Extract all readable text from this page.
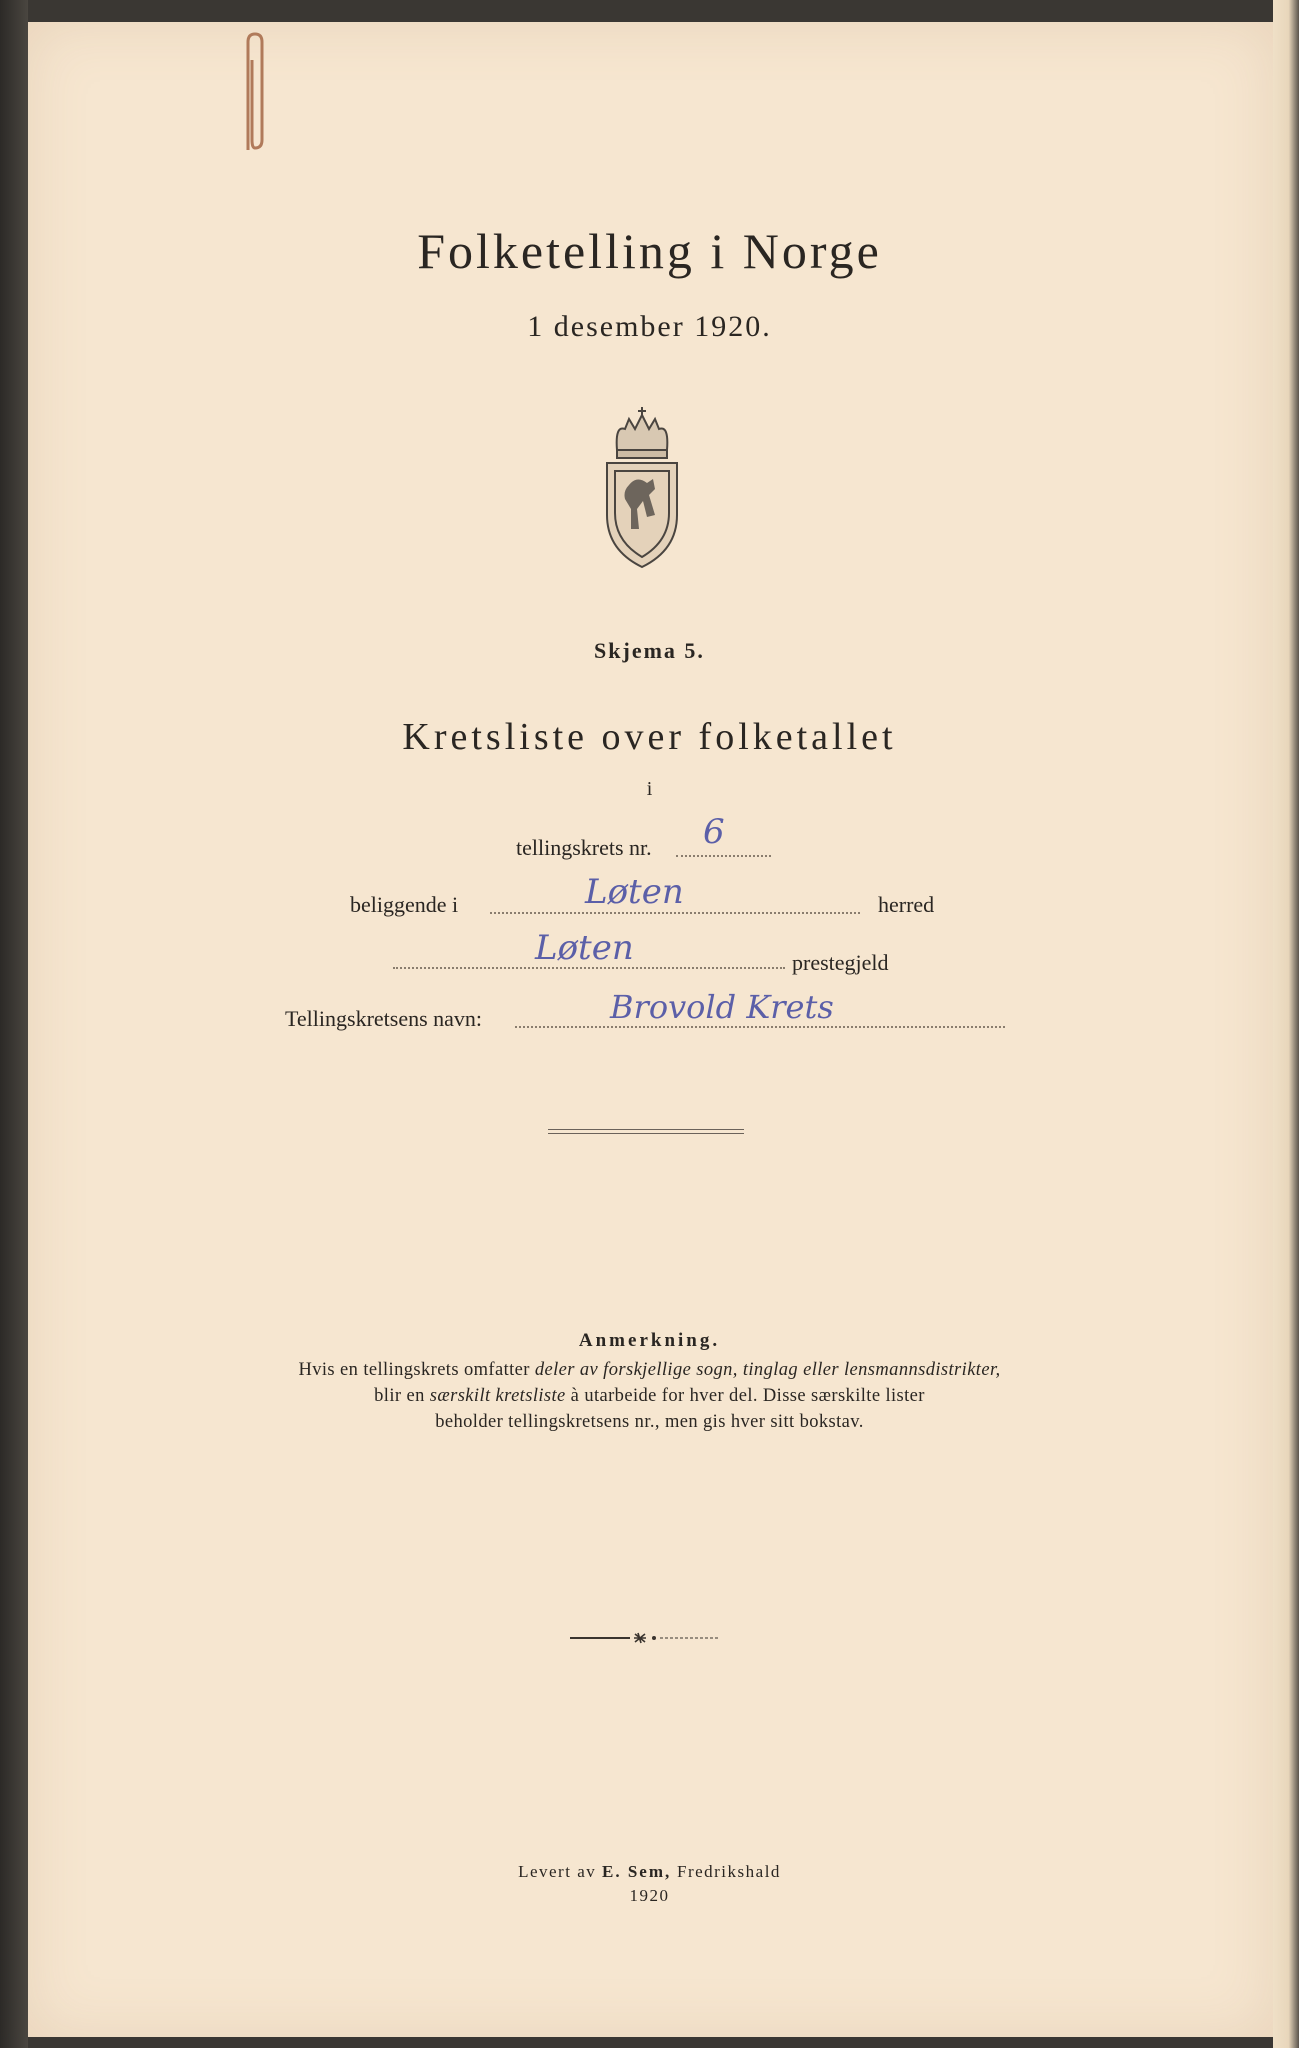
Folketelling i Norge
1 desember 1920.
Skjema 5.
Kretsliste over folketallet
i
tellingskrets nr. 6
beliggende i	Løten	herred
Løten	prestegjeld
Tellingskretsens navn:	Brovold Krets
Anmerkning.
Hvis en tellingskrets omfatter deler av forskjellige sogn, tinglag eller lensmannsdistrikter,
blir en særskilt kretsliste à utarbeide for hver del. Disse særskilte lister
beholder tellingskretsens nr., men gis hver sitt bokstav.
Levert av E. Sem, Fredrikshald
1920
